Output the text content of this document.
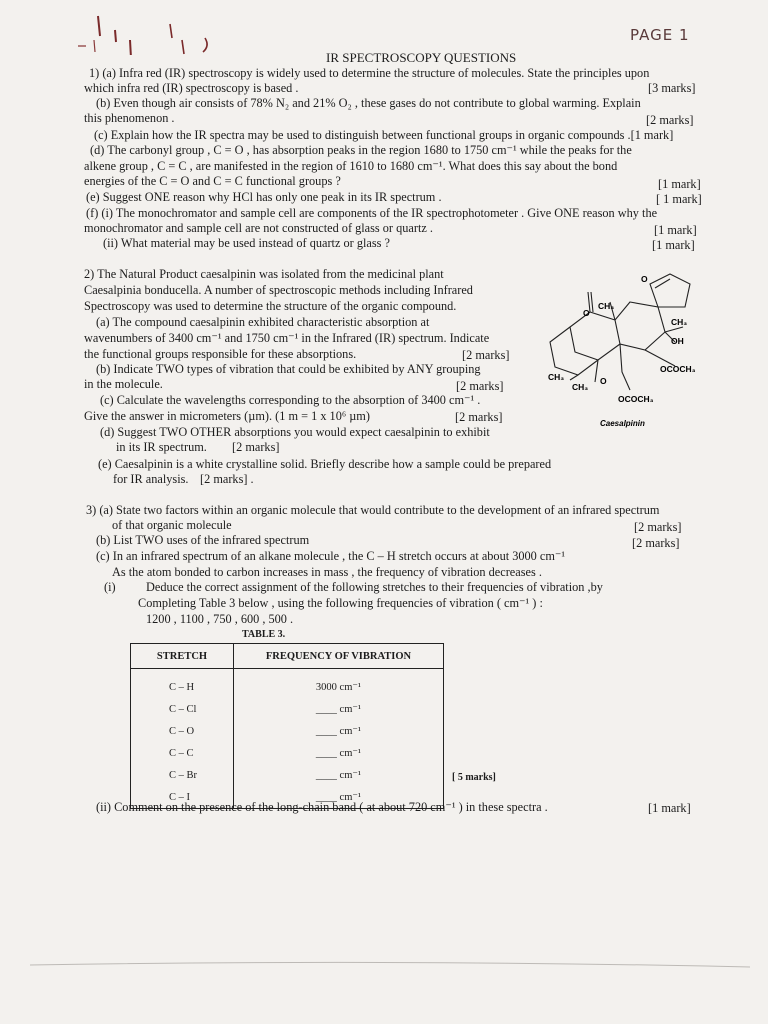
PAGE 1
IR SPECTROSCOPY QUESTIONS
1) (a) Infra red (IR) spectroscopy is widely used to determine the structure of molecules. State the principles upon
which infra red (IR) spectroscopy is based .	[3 marks]
(b) Even though air consists of 78% N₂ and 21% O₂ , these gases do not contribute to global warming. Explain
this phenomenon .	[2 marks]
(c) Explain how the IR spectra may be used to distinguish between functional groups in organic compounds .[1 mark]
(d) The carbonyl group , C = O , has absorption peaks in the region 1680 to 1750 cm⁻¹ while the peaks for the
alkene group , C = C , are manifested in the region of 1610 to 1680 cm⁻¹. What does this say about the bond
energies of the C = O and C = C functional groups ?	[1 mark]
(e) Suggest ONE reason why HCl has only one peak in its IR spectrum .	[ 1 mark]
(f) (i) The monochromator and sample cell are components of the IR spectrophotometer . Give ONE reason why the
monochromator and sample cell are not constructed of glass or quartz .	[1 mark]
(ii) What material may be used instead of quartz or glass ?	[1 mark]
2) The Natural Product caesalpinin was isolated from the medicinal plant
Caesalpinia bonducella. A number of spectroscopic methods including Infrared
Spectroscopy was used to determine the structure of the organic compound.
(a) The compound caesalpinin exhibited characteristic absorption at
wavenumbers of 3400 cm⁻¹ and 1750 cm⁻¹ in the Infrared (IR) spectrum. Indicate
the functional groups responsible for these absorptions.	[2 marks]
(b) Indicate TWO types of vibration that could be exhibited by ANY grouping
in the molecule.	[2 marks]
(c) Calculate the wavelengths corresponding to the absorption of 3400 cm⁻¹ .
Give the answer in micrometers (µm). (1 m = 1 x 10⁶ µm)	[2 marks]
(d) Suggest TWO OTHER absorptions you would expect caesalpinin to exhibit
in its IR spectrum. [2 marks]
(e) Caesalpinin is a white crystalline solid. Briefly describe how a sample could be prepared
for IR analysis. [2 marks] .
O
CH₃
O
CH₃
OH
OCOCH₃
CH₃
CH₃
O
OCOCH₃
Caesalpinin
3) (a) State two factors within an organic molecule that would contribute to the development of an infrared spectrum
of that organic molecule	[2 marks]
(b) List TWO uses of the infrared spectrum	[2 marks]
(c) In an infrared spectrum of an alkane molecule , the C – H stretch occurs at about 3000 cm⁻¹
As the atom bonded to carbon increases in mass , the frequency of vibration decreases .
(i) Deduce the correct assignment of the following stretches to their frequencies of vibration ,by
Completing Table 3 below , using the following frequencies of vibration ( cm⁻¹ ) :
1200 , 1100 , 750 , 600 , 500 .
TABLE 3.
STRETCH	FREQUENCY OF VIBRATION
C – H	3000 cm⁻¹
C – Cl	____ cm⁻¹
C – O	____ cm⁻¹
C – C	____ cm⁻¹
C – Br	____ cm⁻¹
C – I	____ cm⁻¹
[ 5 marks]
(ii) Comment on the presence of the long-chain band ( at about 720 cm⁻¹ ) in these spectra .	[1 mark]
